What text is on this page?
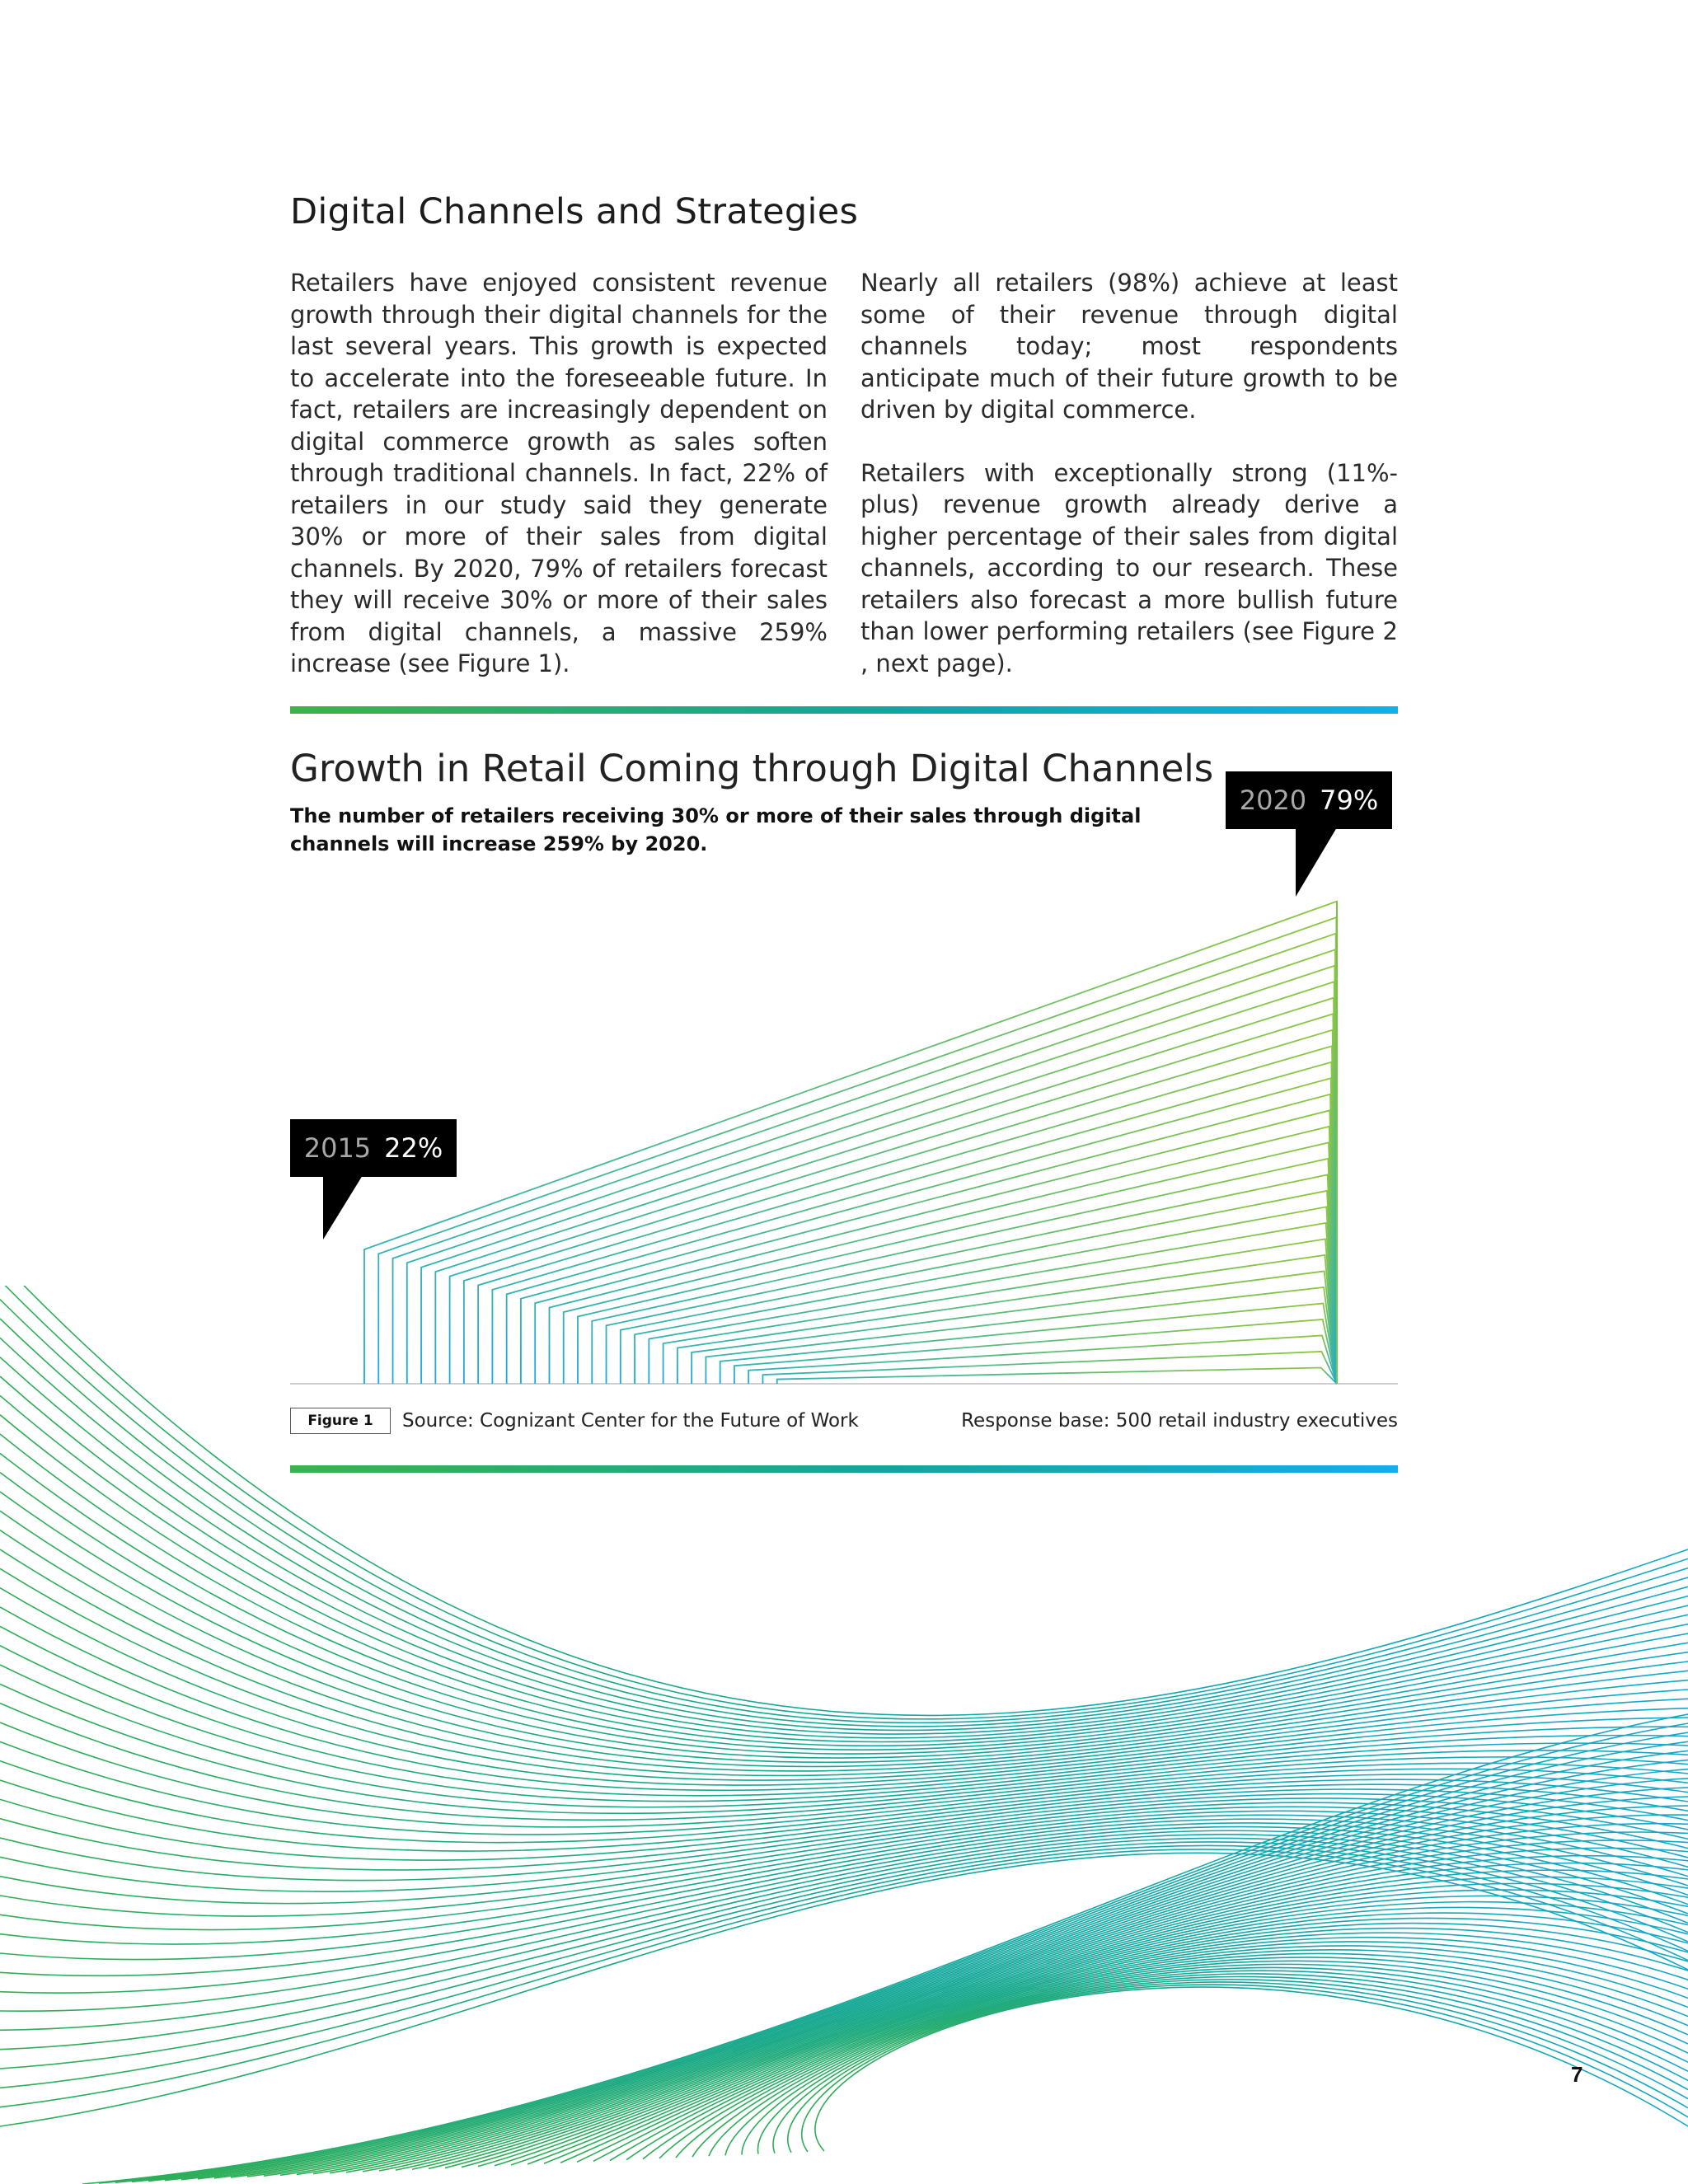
Digital Channels and Strategies

Retailers have enjoyed consistent revenue growth through their digital channels for the last several years. This growth is expected to accelerate into the foreseeable future. In fact, retailers are increasingly dependent on digital commerce growth as sales soften through traditional channels. In fact, 22% of retailers in our study said they generate 30% or more of their sales from digital channels. By 2020, 79% of retailers forecast they will receive 30% or more of their sales from digital channels, a massive 259% increase (see Figure 1).

Nearly all retailers (98%) achieve at least some of their revenue through digital channels today; most respondents anticipate much of their future growth to be driven by digital commerce.

Retailers with exceptionally strong (11%-plus) revenue growth already derive a higher percentage of their sales from digital channels, according to our research. These retailers also forecast a more bullish future than lower performing retailers (see Figure 2 , next page).

Growth in Retail Coming through Digital Channels
The number of retailers receiving 30% or more of their sales through digital channels will increase 259% by 2020.
2015 22%
2020 79%
Figure 1	Source: Cognizant Center for the Future of Work	Response base: 500 retail industry executives
7
